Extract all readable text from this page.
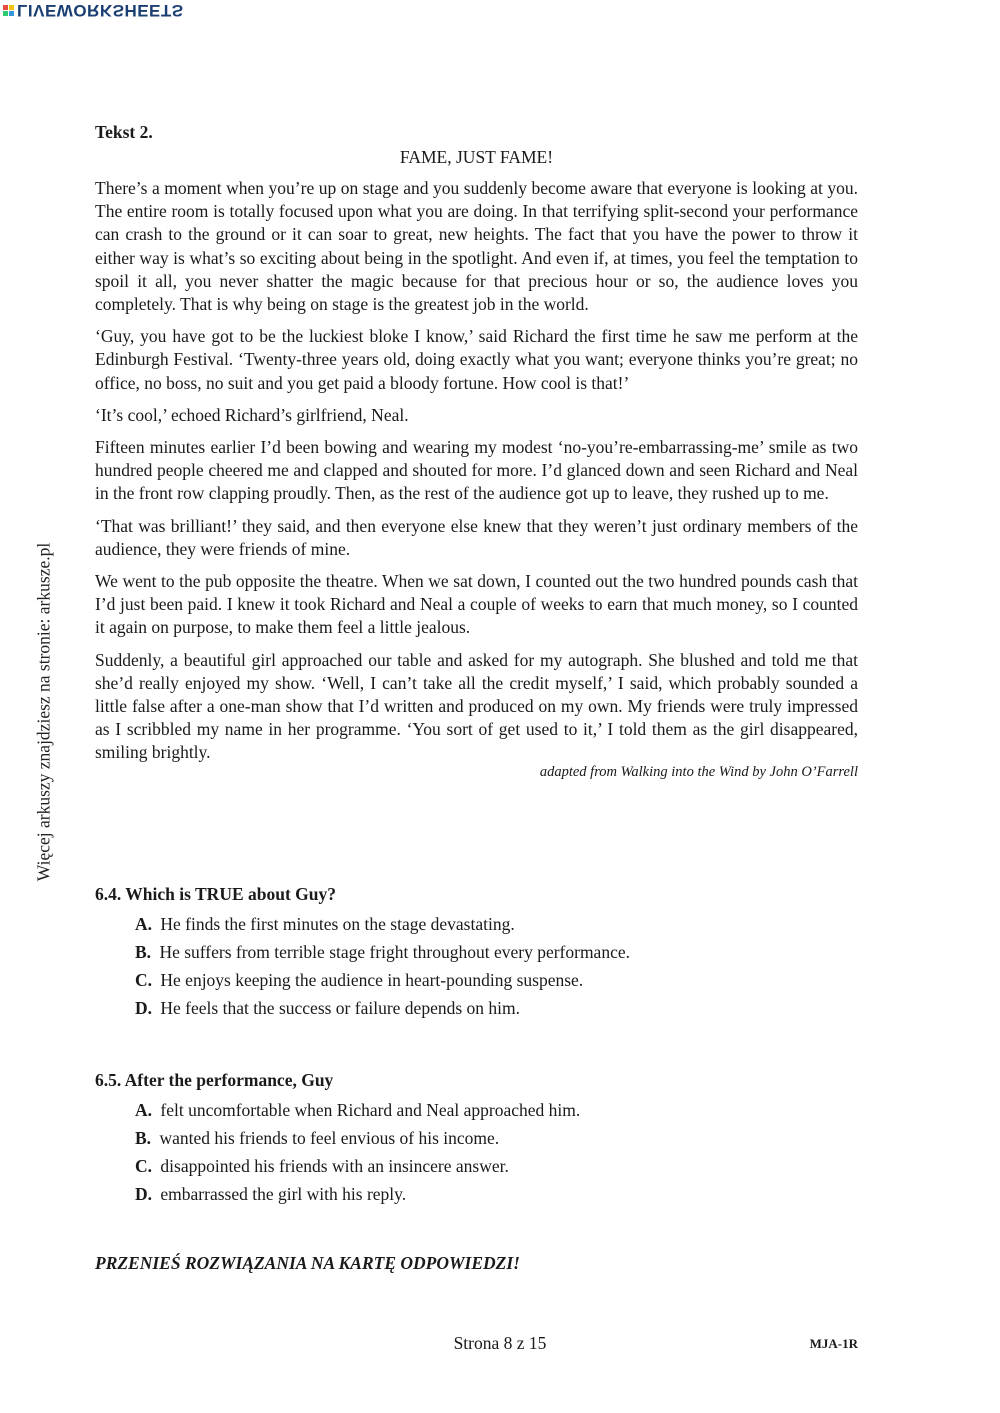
LIVEWORKSHEETS
Więcej arkuszy znajdziesz na stronie: arkusze.pl
Tekst 2.
FAME, JUST FAME!

There’s a moment when you’re up on stage and you suddenly become aware that everyone is looking at you. The entire room is totally focused upon what you are doing. In that terrifying split-second your performance can crash to the ground or it can soar to great, new heights. The fact that you have the power to throw it either way is what’s so exciting about being in the spotlight. And even if, at times, you feel the temptation to spoil it all, you never shatter the magic because for that precious hour or so, the audience loves you completely. That is why being on stage is the greatest job in the world.

‘Guy, you have got to be the luckiest bloke I know,’ said Richard the first time he saw me perform at the Edinburgh Festival. ‘Twenty-three years old, doing exactly what you want; everyone thinks you’re great; no office, no boss, no suit and you get paid a bloody fortune. How cool is that!’

‘It’s cool,’ echoed Richard’s girlfriend, Neal.

Fifteen minutes earlier I’d been bowing and wearing my modest ‘no-you’re-embarrassing-me’ smile as two hundred people cheered me and clapped and shouted for more. I’d glanced down and seen Richard and Neal in the front row clapping proudly. Then, as the rest of the audience got up to leave, they rushed up to me.

‘That was brilliant!’ they said, and then everyone else knew that they weren’t just ordinary members of the audience, they were friends of mine.

We went to the pub opposite the theatre. When we sat down, I counted out the two hundred pounds cash that I’d just been paid. I knew it took Richard and Neal a couple of weeks to earn that much money, so I counted it again on purpose, to make them feel a little jealous.

Suddenly, a beautiful girl approached our table and asked for my autograph. She blushed and told me that she’d really enjoyed my show. ‘Well, I can’t take all the credit myself,’ I said, which probably sounded a little false after a one-man show that I’d written and produced on my own. My friends were truly impressed as I scribbled my name in her programme. ‘You sort of get used to it,’ I told them as the girl disappeared, smiling brightly.

adapted from Walking into the Wind by John O’Farrell
6.4. Which is TRUE about Guy?
A. He finds the first minutes on the stage devastating.
B. He suffers from terrible stage fright throughout every performance.
C. He enjoys keeping the audience in heart-pounding suspense.
D. He feels that the success or failure depends on him.
6.5. After the performance, Guy
A. felt uncomfortable when Richard and Neal approached him.
B. wanted his friends to feel envious of his income.
C. disappointed his friends with an insincere answer.
D. embarrassed the girl with his reply.
PRZENIEŚ ROZWIĄZANIA NA KARTĘ ODPOWIEDZI!
Strona 8 z 15	MJA-1R
